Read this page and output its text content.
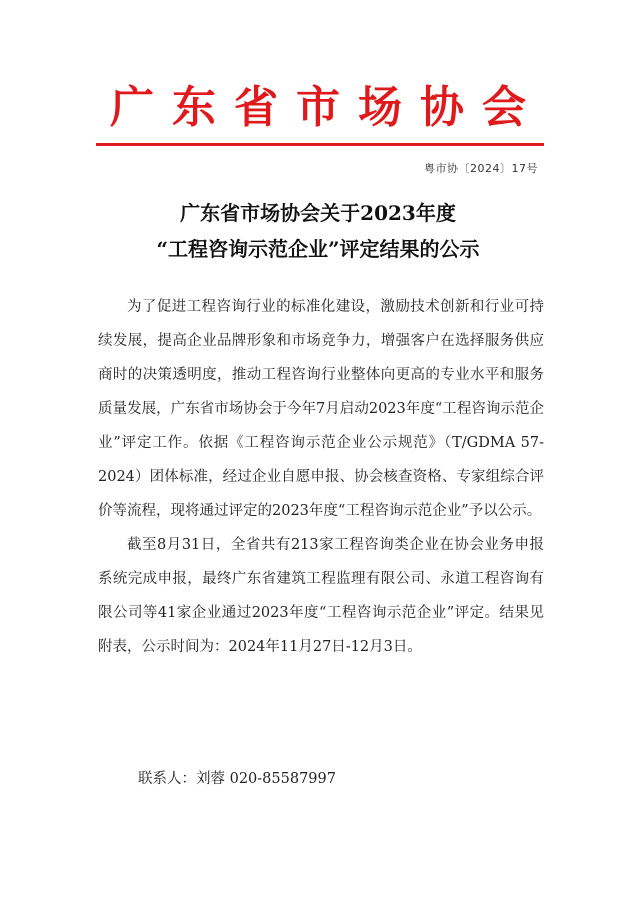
广东省市场协会
粤市协〔2024〕17号
广东省市场协会关于2023年度
“工程咨询示范企业”评定结果的公示

为了促进工程咨询行业的标准化建设，激励技术创新和行业可持续发展，提高企业品牌形象和市场竞争力，增强客户在选择服务供应商时的决策透明度，推动工程咨询行业整体向更高的专业水平和服务质量发展，广东省市场协会于今年7月启动2023年度“工程咨询示范企业”评定工作。依据《工程咨询示范企业公示规范》（T/GDMA 57-2024）团体标准，经过企业自愿申报、协会核查资格、专家组综合评价等流程，现将通过评定的2023年度“工程咨询示范企业”予以公示。

截至8月31日，全省共有213家工程咨询类企业在协会业务申报系统完成申报，最终广东省建筑工程监理有限公司、永道工程咨询有限公司等41家企业通过2023年度“工程咨询示范企业”评定。结果见附表，公示时间为：2024年11月27日-12月3日。

联系人：刘蓉 020-85587997
